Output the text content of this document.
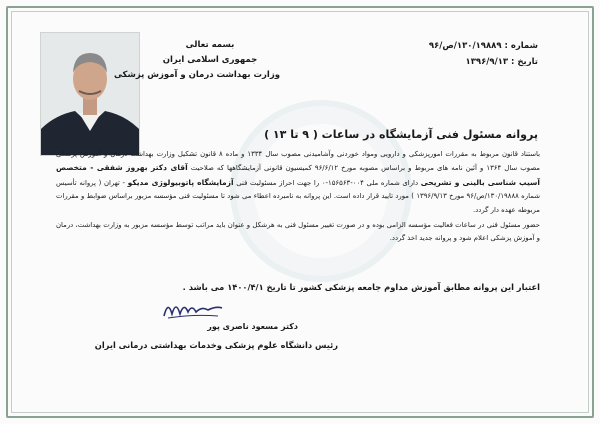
بسمه تعالی
جمهوری اسلامی ایران
وزارت بهداشت درمان و آموزش پزشکی
شماره : ۱۳۰/۱۹۸۸۹/ص/۹۶
تاریخ : ۱۳۹۶/۹/۱۳
پروانه مسئول فنی آزمایشگاه در ساعات ( ۹ تا ۱۳ )

باستناد قانون مربوط به مقررات امورپزشکی و دارویی ومواد خوردنی وآشامیدنی مصوب سال ۱۳۳۴ و ماده ۸ قانون تشکیل وزارت بهداشت درمان و آموزش پزشکی مصوب سال ۱۳۶۴ و آئین نامه های مربوط و براساس مصوبه مورخ ۹۶/۶/۱۲ کمیسیون قانونی آزمایشگاهها که صلاحیت آقای دکتر بهروز شفقی - متخصص آسیب شناسی بالینی و تشریحی دارای شماره ملی ۰۰۴-۱۵۶۵۶۳-۰ را جهت احراز مسئولیت فنی آزمایشگاه پاتوبیولوژی مدیکو - تهران ( پروانه تأسیس شماره ۱۳۰/۱۹۸۸۸/ص/۹۶ مورخ ۱۳۹۶/۹/۱۳ ) مورد تایید قرار داده است. این پروانه به نامبرده اعطاء می شود تا مسئولیت فنی مؤسسه مزبور براساس ضوابط و مقررات مربوطه عهده دار گردد.

حضور مسئول فنی در ساعات فعالیت مؤسسه الزامی بوده و در صورت تغییر مسئول فنی به هرشکل و عنوان باید مراتب توسط مؤسسه مزبور به وزارت بهداشت، درمان و آموزش پزشکی اعلام شود و پروانه جدید اخذ گردد.

اعتبار این پروانه مطابق آموزش مداوم جامعه پزشکی کشور تا تاریخ ۱۴۰۰/۴/۱ می باشد .
دکتر مسعود ناصری پور
رئیس دانشگاه علوم پزشکی وخدمات بهداشتی درمانی ایران
